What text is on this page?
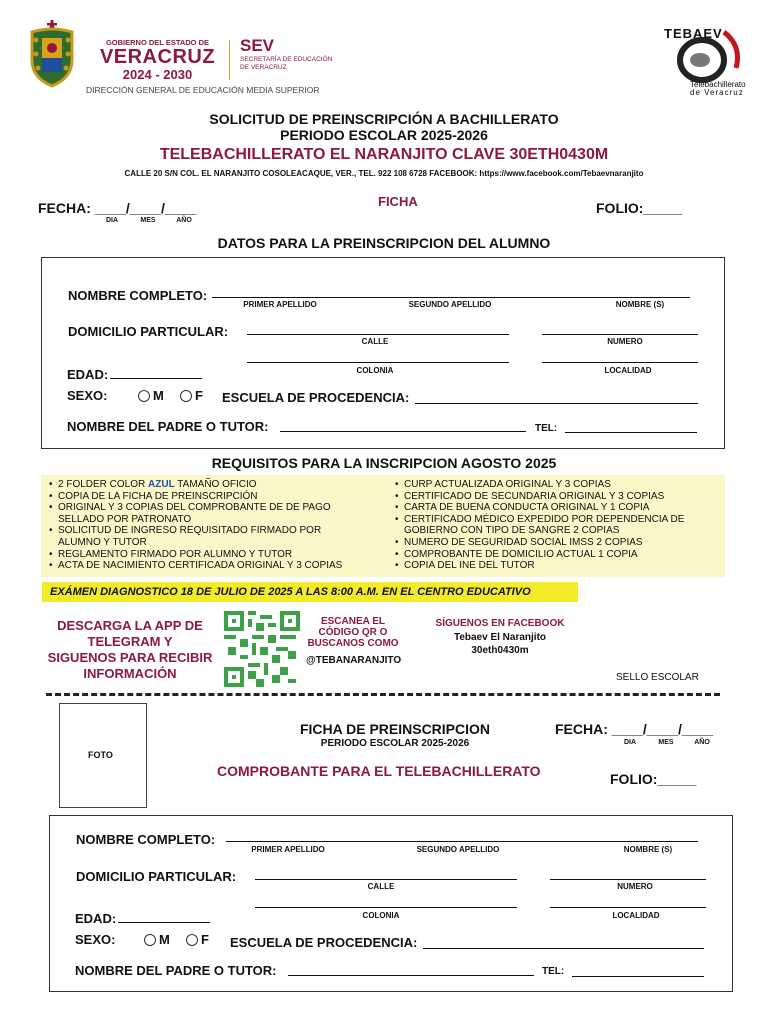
GOBIERNO DEL ESTADO DE
VERACRUZ
2024 - 2030
SEV
SECRETARÍA DE EDUCACIÓN
DE VERACRUZ
DIRECCIÓN GENERAL DE EDUCACIÓN MEDIA SUPERIOR
TEBAEV
Telebachillerato
de Veracruz
SOLICITUD DE PREINSCRIPCIÓN A BACHILLERATO
PERIODO ESCOLAR 2025-2026
TELEBACHILLERATO EL NARANJITO CLAVE 30ETH0430M
CALLE 20 S/N COL. EL NARANJITO COSOLEACAQUE, VER., TEL. 922 108 6728 FACEBOOK: https://www.facebook.com/Tebaevnaranjito
FECHA: ____/____/____
DIA	MES	AÑO
FICHA	FOLIO:_____
DATOS PARA LA PREINSCRIPCION DEL ALUMNO
NOMBRE COMPLETO:
PRIMER APELLIDO	SEGUNDO APELLIDO	NOMBRE (S)
DOMICILIO PARTICULAR:
CALLE	NUMERO
COLONIA	LOCALIDAD
EDAD:
SEXO:	M	F ESCUELA DE PROCEDENCIA:
NOMBRE DEL PADRE O TUTOR:	TEL:
REQUISITOS PARA LA INSCRIPCION AGOSTO 2025
• 2 FOLDER COLOR AZUL TAMAÑO OFICIO
• COPIA DE LA FICHA DE PREINSCRIPCIÓN
• ORIGINAL Y 3 COPIAS DEL COMPROBANTE DE DE PAGO SELLADO POR PATRONATO
• SOLICITUD DE INGRESO REQUISITADO FIRMADO POR ALUMNO Y TUTOR
• REGLAMENTO FIRMADO POR ALUMNO Y TUTOR
• ACTA DE NACIMIENTO CERTIFICADA ORIGINAL Y 3 COPIAS
• CURP ACTUALIZADA ORIGINAL Y 3 COPIAS
• CERTIFICADO DE SECUNDARIA ORIGINAL Y 3 COPIAS
• CARTA DE BUENA CONDUCTA ORIGINAL Y 1 COPIA
• CERTIFICADO MÉDICO EXPEDIDO POR DEPENDENCIA DE GOBIERNO CON TIPO DE SANGRE 2 COPIAS
• NUMERO DE SEGURIDAD SOCIAL IMSS 2 COPIAS
• COMPROBANTE DE DOMICILIO ACTUAL 1 COPIA
• COPIA DEL INE DEL TUTOR
EXÁMEN DIAGNOSTICO 18 DE JULIO DE 2025 A LAS 8:00 A.M. EN EL CENTRO EDUCATIVO
DESCARGA LA APP DE
TELEGRAM Y
SIGUENOS PARA RECIBIR
INFORMACIÓN
ESCANEA EL
CÓDIGO QR O
BUSCANOS COMO
@TEBANARANJITO
SÍGUENOS EN FACEBOOK
Tebaev El Naranjito
30eth0430m
SELLO ESCOLAR
FOTO
FICHA DE PREINSCRIPCION
PERIODO ESCOLAR 2025-2026
COMPROBANTE PARA EL TELEBACHILLERATO
FECHA: ____/____/____
DIA	MES	AÑO
FOLIO:_____
NOMBRE COMPLETO:
PRIMER APELLIDO	SEGUNDO APELLIDO	NOMBRE (S)
DOMICILIO PARTICULAR:
CALLE	NUMERO
COLONIA	LOCALIDAD
EDAD:
SEXO:	M	F ESCUELA DE PROCEDENCIA:
NOMBRE DEL PADRE O TUTOR:	TEL:
